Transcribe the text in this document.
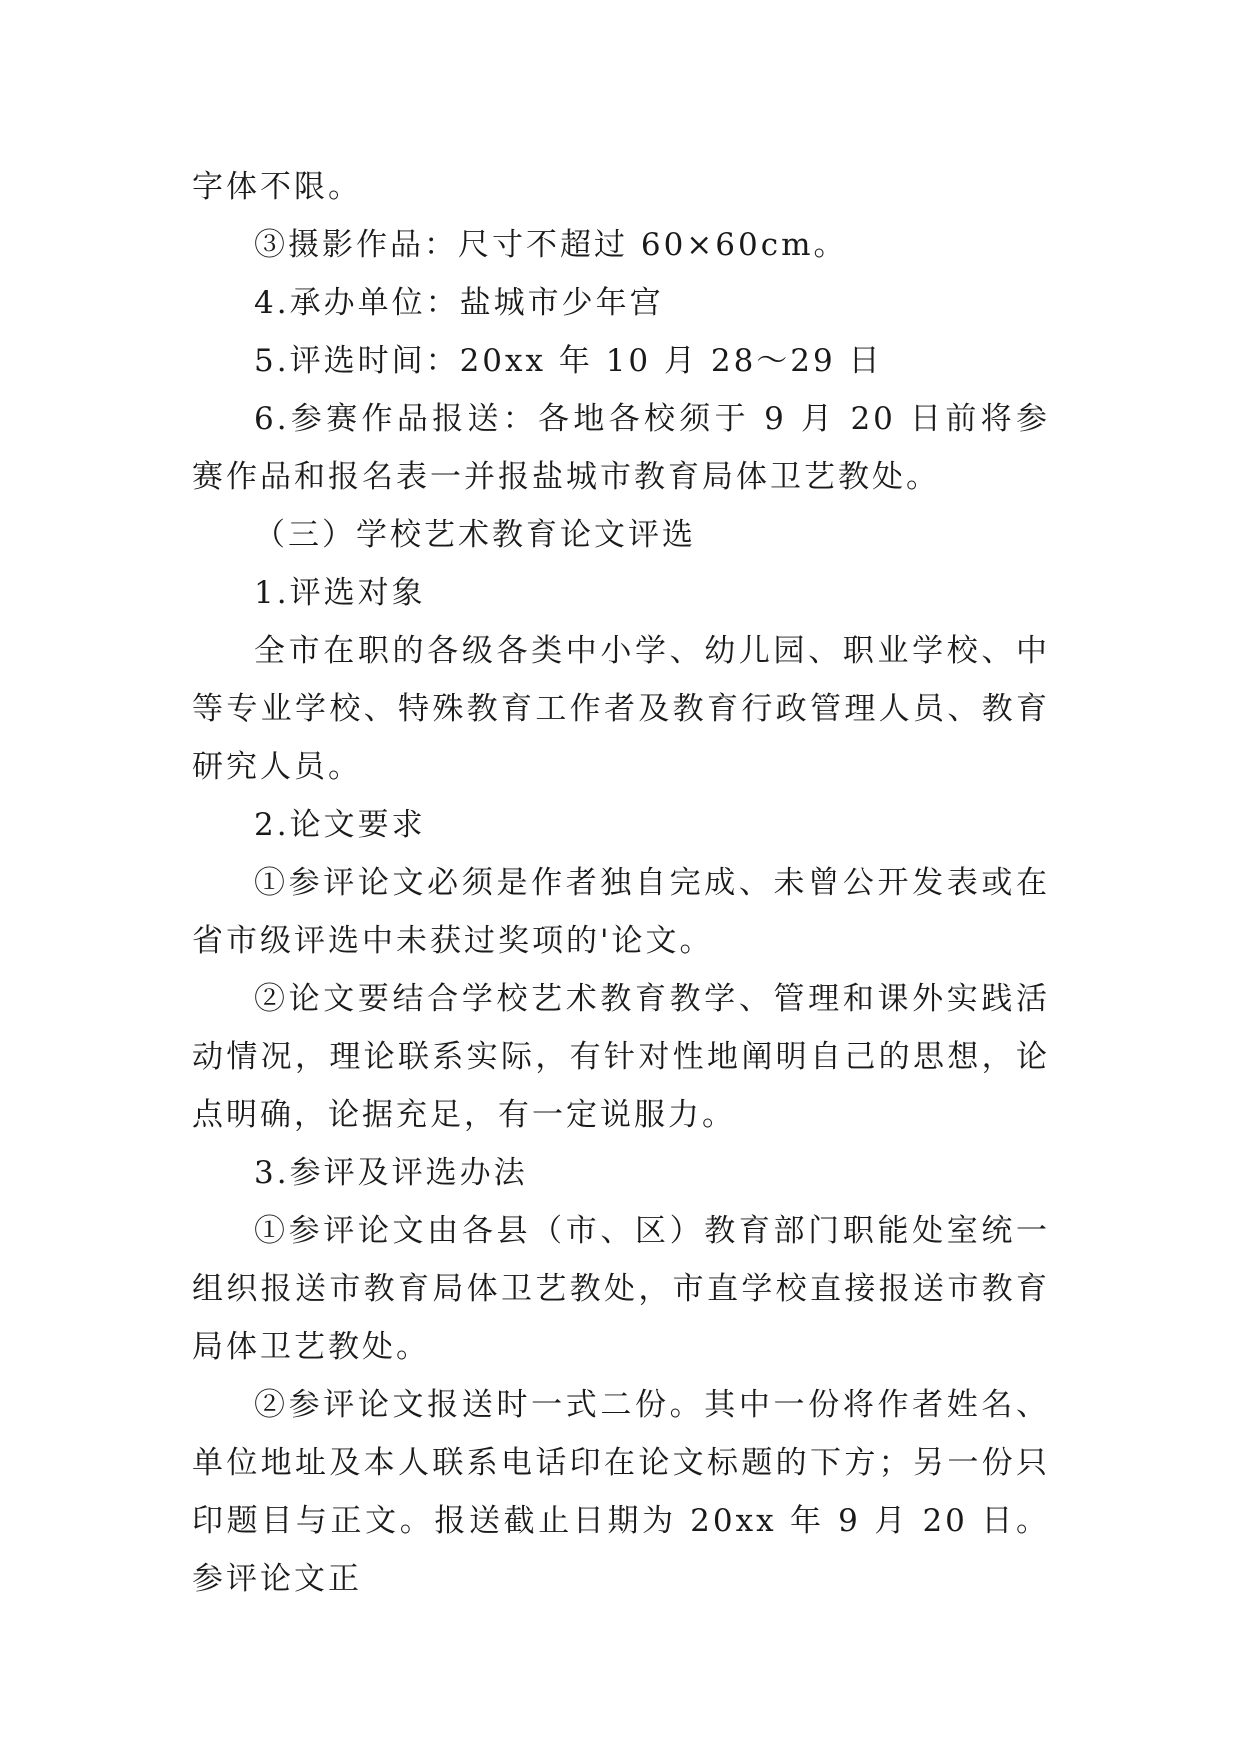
字体不限。

③摄影作品：尺寸不超过 60×60cm。

4.承办单位：盐城市少年宫

5.评选时间：20xx 年 10 月 28～29 日

6.参赛作品报送：各地各校须于 9 月 20 日前将参赛作品和报名表一并报盐城市教育局体卫艺教处。

（三）学校艺术教育论文评选

1.评选对象

全市在职的各级各类中小学、幼儿园、职业学校、中等专业学校、特殊教育工作者及教育行政管理人员、教育研究人员。

2.论文要求

①参评论文必须是作者独自完成、未曾公开发表或在省市级评选中未获过奖项的'论文。

②论文要结合学校艺术教育教学、管理和课外实践活动情况，理论联系实际，有针对性地阐明自己的思想，论点明确，论据充足，有一定说服力。

3.参评及评选办法

①参评论文由各县（市、区）教育部门职能处室统一组织报送市教育局体卫艺教处，市直学校直接报送市教育局体卫艺教处。

②参评论文报送时一式二份。其中一份将作者姓名、单位地址及本人联系电话印在论文标题的下方；另一份只印题目与正文。报送截止日期为 20xx 年 9 月 20 日。参评论文正
